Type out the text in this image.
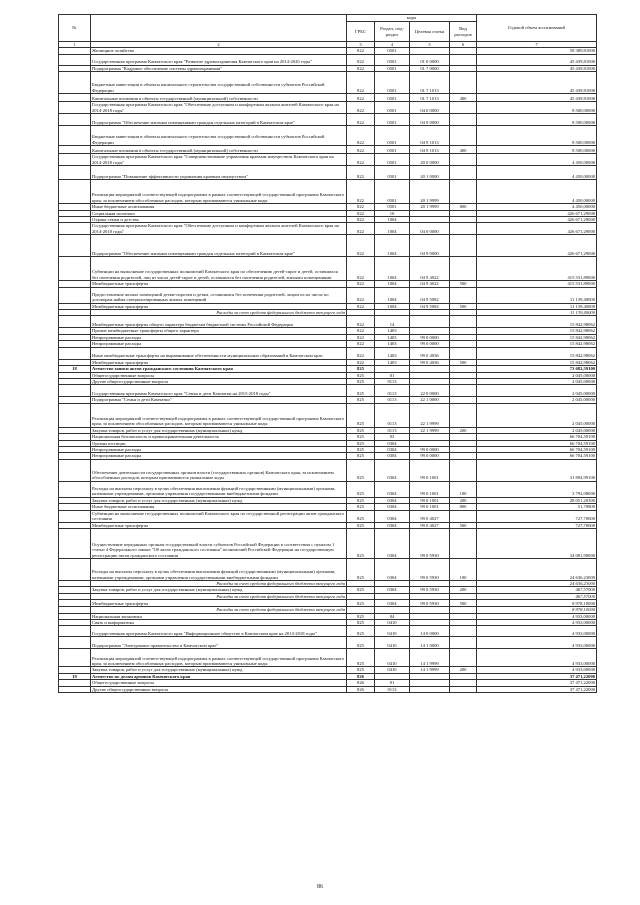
№		коды				Годовой объем ассигнований
		ГРБС	Раздел, под- раздел	Целевая статья	Вид расходов	
1	2	3	4	5	6	7
	Жилищное хозяйство	822	0501			58 389,81000
	Государственная программа Камчатского края "Развитие здравоохранения Камчатского края на 2014-2020 годы"	822	0501	01 0 0000		45 439,81000
	Подпрограмма "Кадровое обеспечение системы здравоохранения"	822	0501	01 7 0000		45 439,81000
	Бюджетные инвестиции в объекты капитального строительства государственной собственности субъектов Российской Федерации	822	0501	01 7 1013		45 439,81000
	Капитальные вложения в объекты государственной (муниципальной) собственности	822	0501	01 7 1013	400	45 439,81000
	Государственная программа Камчатского края "Обеспечение доступным и комфортным жильем жителей Камчатского края на 2014-2018 годы"	822	0501	04 0 0000		8 500,00000
	Подпрограмма "Обеспечение жилыми помещениями граждан отдельных категорий в Камчатском крае"	822	0501	04 9 0000		8 500,00000
	Бюджетные инвестиции в объекты капитального строительства государственной собственности субъектов Российской Федерации	822	0501	04 9 1013		8 500,00000
	Капитальные вложения в объекты государственной (муниципальной) собственности	822	0501	04 9 1013	400	8 500,00000
	Государственная программа Камчатского края "Совершенствование управления краевым имуществом Камчатского края на 2014-2018 годы"	822	0501	20 0 0000		4 450,00000
	Подпрограмма "Повышение эффективности управления краевым имуществом"	822	0501	20 1 0000		4 450,00000
	Реализация мероприятий соответствующей подпрограммы в рамках соответствующей государственной программы Камчатского края, за исключением обособленных расходов, которым присваиваются уникальные коды	822	0501	20 1 9999		4 450,00000
	Иные бюджетные ассигнования	822	0501	20 1 9999	800	4 450,00000
	Социальная политика	822	10			426 671,29000
	Охрана семьи и детства	822	1004			426 671,29000
	Государственная программа Камчатского края "Обеспечение доступным и комфортным жильем жителей Камчатского края на 2014-2018 годы"	822	1004	04 0 0000		426 671,29000
	Подпрограмма "Обеспечение жилыми помещениями граждан отдельных категорий в Камчатском крае"	822	1004	04 9 0000		426 671,29000
	Субвенции на выполнение государственных полномочий Камчатского края по обеспечению детей-сирот и детей, оставшихся без попечения родителей, лиц из числа детей-сирот и детей, оставшихся без попечения родителей, жилыми помещениями	822	1004	04 9 4022		415 531,89000
	Межбюджетные трансферты	822	1004	04 9 4022	500	415 531,89000
	Предоставление жилых помещений детям-сиротам и детям, оставшимся без попечения родителей, лицам из их числа по договорам найма специализированных жилых помещений	822	1004	04 9 5082		11 139,40000
	Межбюджетные трансферты	822	1004	04 9 5082	500	11 139,40000
	Расходы за счет средств федерального бюджета текущего года					11 139,40000
	Межбюджетные трансферты общего характера бюджетам бюджетной системы Российской Федерации	822	14			15 842,98062
	Прочие межбюджетные трансферты общего характера	822	1403			15 842,98062
	Непрограммные расходы	822	1403	99 0 0000		15 842,98062
	Непрограммные расходы	822	1403	99 0 0000		15 842,98062
	Иные межбюджетные трансферты на выравнивание обеспеченности муниципальных образований в Камчатском крае	822	1403	99 0 4036		15 842,98062
	Межбюджетные трансферты	822	1403	99 0 4036	500	15 842,98062
18	Агентство записи актов гражданского состояния Камчатского края	825				73 682,59100
	Общегосударственные вопросы	825	01			2 045,00000
	Другие общегосударственные вопросы	825	0113			2 045,00000
	Государственная программа Камчатского края "Семья и дети Камчатки на 2015-2018 годы"	825	0113	22 0 0000		2 045,00000
	Подпрограмма "Семья и дети Камчатки"	825	0113	22 1 0000		2 045,00000
	Реализация мероприятий соответствующей подпрограммы в рамках соответствующей государственной программы Камчатского края, за исключением обособленных расходов, которым присваиваются уникальные коды	825	0113	22 1 9999		2 045,00000
	Закупка товаров, работ и услуг для государственных (муниципальных) нужд	825	0113	22 1 9999	200	2 045,00000
	Национальная безопасность и правоохранительная деятельность	825	03			66 704,59100
	Органы юстиции	825	0304			66 704,59100
	Непрограммные расходы	825	0304	99 0 0000		66 704,59100
	Непрограммные расходы	825	0304	99 0 0000		66 704,59100
	Обеспечение деятельности государственных органов власти (государственных органов) Камчатского края, за исключением обособленных расходов, которым присваиваются уникальные коды	825	0304	99 0 1001		31 894,99100
	Расходы на выплаты персоналу в целях обеспечения выполнения функций государственными (муниципальными) органами, казенными учреждениями, органами управления государственными внебюджетными фондами	825	0304	99 0 1001	100	3 792,08000
	Закупка товаров, работ и услуг для государственных (муниципальных) нужд	825	0304	99 0 1001	200	28 051,20300
	Иные бюджетные ассигнования	825	0304	99 0 1001	800	51,70800
	Субвенции на выполнение государственных полномочий Камчатского края по государственной регистрации актов гражданского состояния	825	0304	99 0 4027		727,70000
	Межбюджетные трансферты	825	0304	99 0 4027	500	727,70000
	Осуществление переданных органам государственной власти субъектов Российской Федерации в соответствии с пунктом 1 статьи 4 Федерального закона "Об актах гражданского состояния" полномочий Российской Федерации на государственную регистрацию актов гражданского состояния	825	0304	99 0 5930		34 081,90000
	Расходы на выплаты персоналу в целях обеспечения выполнения функций государственными (муниципальными) органами, казенными учреждениями, органами управления государственными внебюджетными фондами	825	0304	99 0 5930	100	24 636,23000
	Расходы за счет средств федерального бюджета текущего года					24 636,23000
	Закупка товаров, работ и услуг для государственных (муниципальных) нужд	825	0304	99 0 5930	200	467,57000
	Расходы за счет средств федерального бюджета текущего года					467,57000
	Межбюджетные трансферты	825	0304	99 0 5930	500	8 978,10000
	Расходы за счет средств федерального бюджета текущего года					8 978,10000
	Национальная экономика	825	04			4 933,00000
	Связь и информатика	825	0410			4 933,00000
	Государственная программа Камчатского края "Информационное общество в Камчатском крае на 2014-2018 годы"	825	0410	14 0 0000		4 933,00000
	Подпрограмма "Электронное правительство в Камчатском крае"	825	0410	14 1 0000		4 933,00000
	Реализация мероприятий соответствующей подпрограммы в рамках соответствующей государственной программы Камчатского края, за исключением обособленных расходов, которым присваиваются уникальные коды	825	0410	14 1 9999		4 933,00000
	Закупка товаров, работ и услуг для государственных (муниципальных) нужд	825	0410	14 1 9999	200	4 933,00000
19	Агентство по делам архивов Камчатского края	826				37 471,22000
	Общегосударственные вопросы	826	01			37 471,22000
	Другие общегосударственные вопросы	826	0113			37 471,22000
86
